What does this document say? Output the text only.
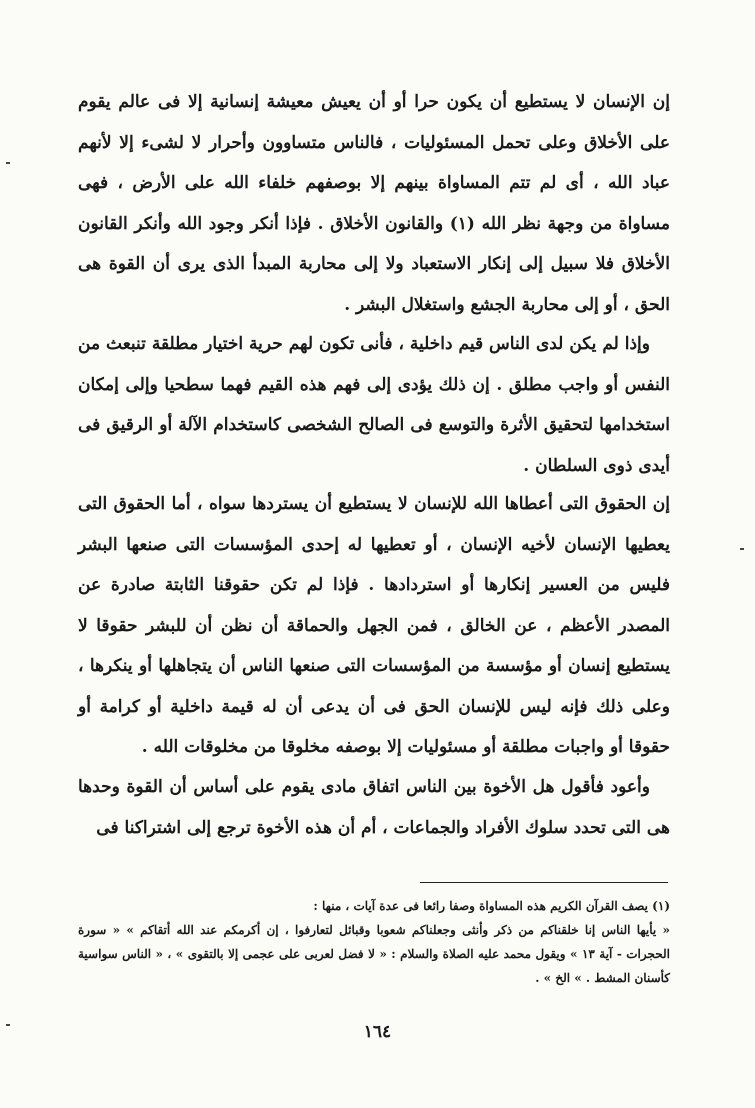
إن الإنسان لا يستطيع أن يكون حرا أو أن يعيش معيشة إنسانية إلا فى عالم يقوم على الأخلاق وعلى تحمل المسئوليات ، فالناس متساوون وأحرار لا لشىء إلا لأنهم عباد الله ، أى لم تتم المساواة بينهم إلا بوصفهم خلفاء الله على الأرض ، فهى مساواة من وجهة نظر الله (١) والقانون الأخلاق . فإذا أنكر وجود الله وأنكر القانون الأخلاق فلا سبيل إلى إنكار الاستعباد ولا إلى محاربة المبدأ الذى يرى أن القوة هى الحق ، أو إلى محاربة الجشع واستغلال البشر .

وإذا لم يكن لدى الناس قيم داخلية ، فأنى تكون لهم حرية اختيار مطلقة تنبعث من النفس أو واجب مطلق . إن ذلك يؤدى إلى فهم هذه القيم فهما سطحيا وإلى إمكان استخدامها لتحقيق الأثرة والتوسع فى الصالح الشخصى كاستخدام الآلة أو الرقيق فى أيدى ذوى السلطان .

إن الحقوق التى أعطاها الله للإنسان لا يستطيع أن يستردها سواه ، أما الحقوق التى يعطيها الإنسان لأخيه الإنسان ، أو تعطيها له إحدى المؤسسات التى صنعها البشر فليس من العسير إنكارها أو استردادها . فإذا لم تكن حقوقنا الثابتة صادرة عن المصدر الأعظم ، عن الخالق ، فمن الجهل والحماقة أن نظن أن للبشر حقوقا لا يستطيع إنسان أو مؤسسة من المؤسسات التى صنعها الناس أن يتجاهلها أو ينكرها ، وعلى ذلك فإنه ليس للإنسان الحق فى أن يدعى أن له قيمة داخلية أو كرامة أو حقوقا أو واجبات مطلقة أو مسئوليات إلا بوصفه مخلوقا من مخلوقات الله .

وأعود فأقول هل الأخوة بين الناس اتفاق مادى يقوم على أساس أن القوة وحدها هى التى تحدد سلوك الأفراد والجماعات ، أم أن هذه الأخوة ترجع إلى اشتراكنا فى

(١) يصف القرآن الكريم هذه المساواة وصفا رائعا فى عدة آيات ، منها :

« يأيها الناس إنا خلقناكم من ذكر وأنثى وجعلناكم شعوبا وقبائل لتعارفوا ، إن أكرمكم عند الله أتقاكم » « سورة الحجرات - آية ١٣ » ويقول محمد عليه الصلاة والسلام : « لا فضل لعربى على عجمى إلا بالتقوى » ، « الناس سواسية كأسنان المشط . » الخ » .

١٦٤
